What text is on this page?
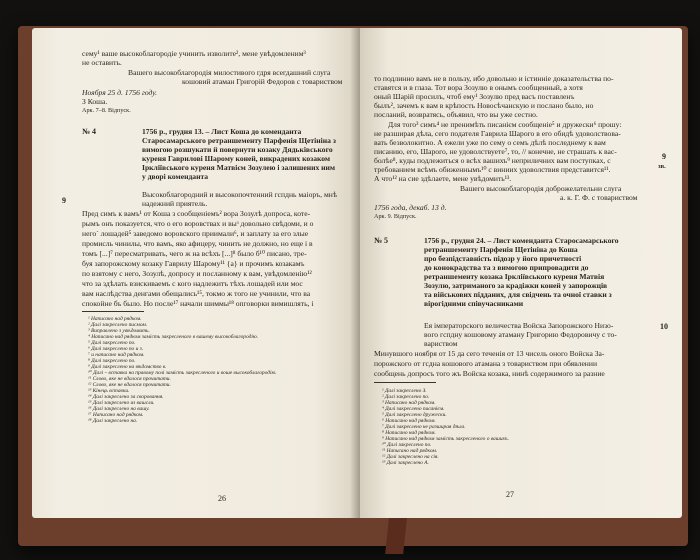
сему¹ ваше высокоблагородіе учинить изволите², мене увѣдомленим³
не оставить.
Вашего высокоблагородія милостивого гдря всегдашний слуга
кошовий атаман Григорій Федоров с товариством
Ноября 25 д. 1756 году.
З Коша.
Арк. 7–8. Відпуск.
№ 4	1756 р., грудня 13. – Лист Коша до коменданта
Старосамарського ретраншементу Парфенія Щетініна з
вимогою розшукати й повернути козаку Дядьківського
куреня Гаврилові Шарому коней, викрадених козаком
Ірклiївського куреня Матвієм Зозулею і залишених ним
у дворі коменданта
9
Высокоблагородний и высокопочтенний гспднь маіоръ, мнѣ
надежний приятель.
Пред симъ к вамъ¹ от Коша з сообщеніемъ² вора Зозулѣ допроса, коте-
рымъ онъ показуется, что о его воровствах и выᶟ довольно свѣдоми, и о
него´ лошадей⁵ заведомо воровского приимали⁶, и заплату за его злые
промисль чинилы, что вамъ, яко афицеру, чинить не должно, но еще і в
томъ [...]⁷ пересматривать, чего ж на всѣхъ [...]⁸ было б¹⁰ писано, тре-
буя запорожскому козаку Гаврилу Шарому¹¹ {а} и прочимъ козакамъ
по взятому с него, Зозулѣ, допросу и посланному к вам, увѣдомленію¹²
что за здѣлать взискиваемъ с кого надлежитъ тѣхъ лошадей или мос
вам наслѣдства денгами обещались¹⁵, токмо ж того не учинили, что ва
спокойне бъ было. Но после¹⁷ начали шиммы¹⁸ опговорки вимишлять, і
¹ Написано над рядком.
² Далі закреслено писмом.
³ Виправлено з увѣдомить.
⁴ Написано над рядком замість закресленого в вашему высокоблагородію.
⁵ Далі закреслено по.
⁶ Далі закреслено по и з.
⁷ и написано над рядком.
⁸ Далі закреслено по.
⁹ Далі закреслено на вѣдомство в.
¹⁰ Далі – вставка на правому полі замість закресленого и воше высокоблагородію.
¹¹ Слово, яке не вдалося прочитати.
¹² Слово, яке не вдалося прочитати.
¹³ Кінець вставки.
¹⁴ Далі закреслено за своровання.
¹⁵ Далі закреслено из вашсли.
¹⁶ Далі закреслено на вашу.
¹⁷ Написано над рядком.
¹⁸ Далі закреслено на.
26
то подлинно вамъ не в пользу, ибо довольно и істиннiе доказательства по-
ставятся и в глаза. Тот вора Зозулю в онымъ сообщенный, а хотя
оный Шарій просилъ, чтоб ему¹ Зозулю пред васъ поставленъ
былъ², зачемъ к вам в крѣпость Новосѣчанскую и послано было, но
посланий, возвратясь, объявил, что вы уже сестно.
Для того³ симъ⁴ не пренимѣть писанієм сообщеніе⁵ и дружески⁶ прошу:
не разширая дѣла, сего подателя Гаврила Шарого в его обидѣ удоволствова-
вать безволокитно. А ежели уже по сему о семъ дѣлѣ последнему к вам
писанию, его, Шарого, не удоволствуете⁷, то, // конечне, не страшать к вас-
болѣе⁸, куды подлежиться о всѣх вашихъ⁹ неприличних вам поступках, с
требованием всѣмъ обиженнымъ¹⁰ с виниих удоволствия представится¹¹.
А что¹² на сие здѣлаете, мене увѣдомить¹³.
9
зв.
Вашего высокоблагородія доброжелательни слуга
а. к. Г. Ф. с товариством
1756 года, декаб. 13 д.
Арк. 9. Відпуск.
№ 5	1756 р., грудня 24. – Лист коменданта Старосамарського
ретраншементу Парфенія Щетініна до Коша
про безпідставність підозр у його причетності
до конокрадства та з вимогою припровадити до
ретраншементу козака Ірклiївського куреня Матвія
Зозулю, затриманого за крадіжки коней у запорожців
та військових підданих, для свідчень та очної ставки з
вірогідними співучасниками
10
Ея імператорского величества Войска Запорожского Низо-
вого гспдну кошовому атаману Григорию Федоровичу с то-
вариством
Минувшого ноября от 15 да сего теченія от 13 чисель оного Войска За-
порожского от гсдна кошового атамана з товариством при обявлении
сообщень допросъ того жъ Войска козака, нинѣ содержимого за разние
¹ Далі закреслено З.
² Далі закреслено по.
³ Написано над рядком.
⁴ Далі закреслено писанієм.
⁵ Далі закреслено дружески.
⁶ Написано над рядком.
⁷ Далі закреслено не разширая дѣла.
⁸ Написано над рядком.
⁹ Написано над рядком замість закресленого о вашихъ.
¹⁰ Далі закреслено по.
¹¹ Написано над рядком.
¹² Далі закреслено на сія.
¹³ Далі закреслено А.
27
